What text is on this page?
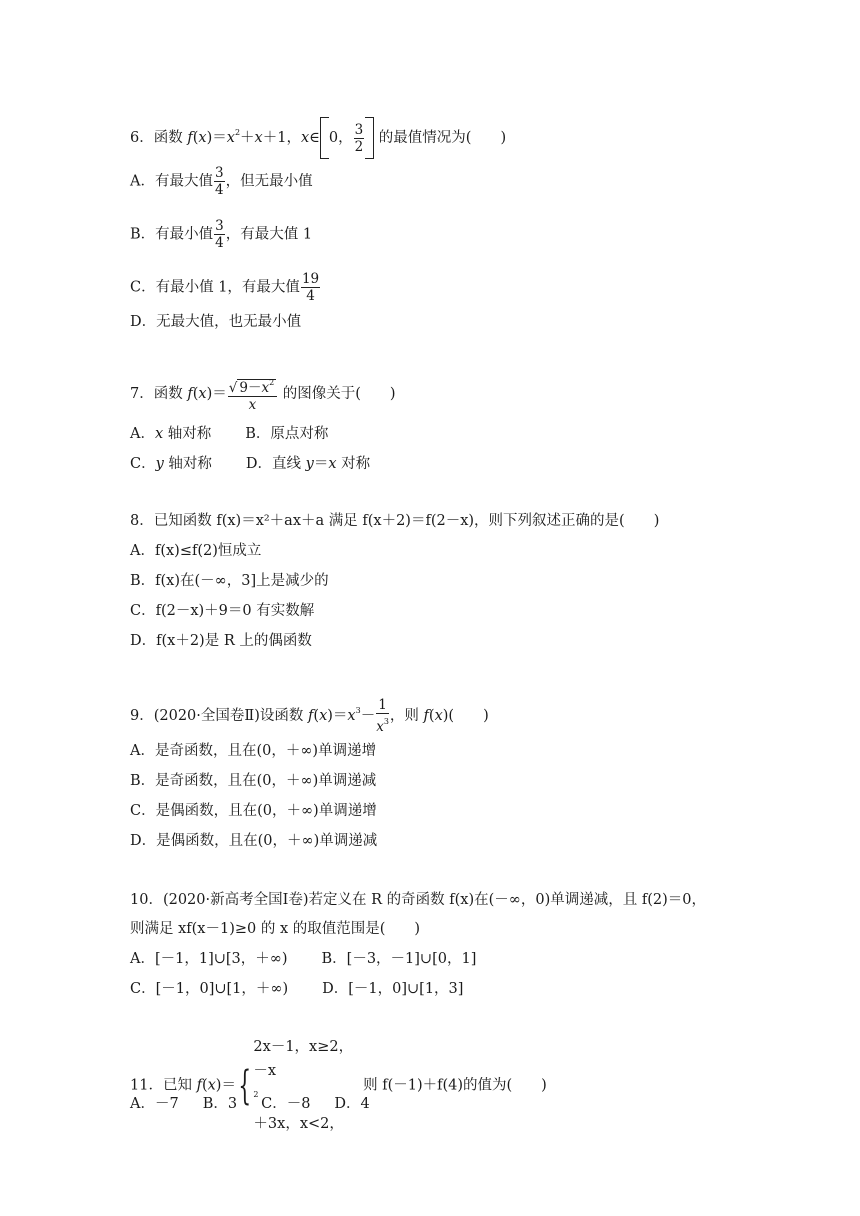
6．函数 $f(x)=x^2+x+1$，x∈ 0， $\frac{3}{2}$ 的最值情况为(　　)
A．有最大值 $\frac{3}{4}$ ，但无最小值
B．有最小值 $\frac{3}{4}$ ，有最大值 1
C．有最小值 1，有最大值 $\frac{19}{4}$
D．无最大值，也无最小值
7．函数 $f(x)= \frac{√ 9-x^2}{x}$ 的图像关于(　　)
A．x 轴对称 B．原点对称
C．y 轴对称 D．直线 y＝x 对称
8．已知函数 f(x)＝x²＋ax＋a 满足 f(x＋2)＝f(2－x)，则下列叙述正确的是(　　)
A．f(x)≤f(2)恒成立
B．f(x)在(－∞，3]上是减少的
C．f(2－x)＋9＝0 有实数解
D．f(x＋2)是 R 上的偶函数
9．(2020·全国卷Ⅱ)设函数 $f(x)=x^3- \frac{1}{x^3}$ ，则 f(x)(　　)
A．是奇函数，且在(0，＋∞)单调递增
B．是奇函数，且在(0，＋∞)单调递减
C．是偶函数，且在(0，＋∞)单调递增
D．是偶函数，且在(0，＋∞)单调递减
10．(2020·新高考全国Ⅰ卷)若定义在 R 的奇函数 f(x)在(－∞，0)单调递减，且 f(2)＝0，
则满足 xf(x－1)≥0 的 x 的取值范围是(　　)
A．[－1，1]∪[3，＋∞) B．[－3，－1]∪[0，1]
C．[－1，0]∪[1，＋∞) D．[－1，0]∪[1，3]
11．已知 f(x)＝{
2x－1，x≥2，
－x
$^2$
＋3x，x<2，
则 f(－1)＋f(4)的值为(　　)
A．－7 B．3 C．－8 D．4
